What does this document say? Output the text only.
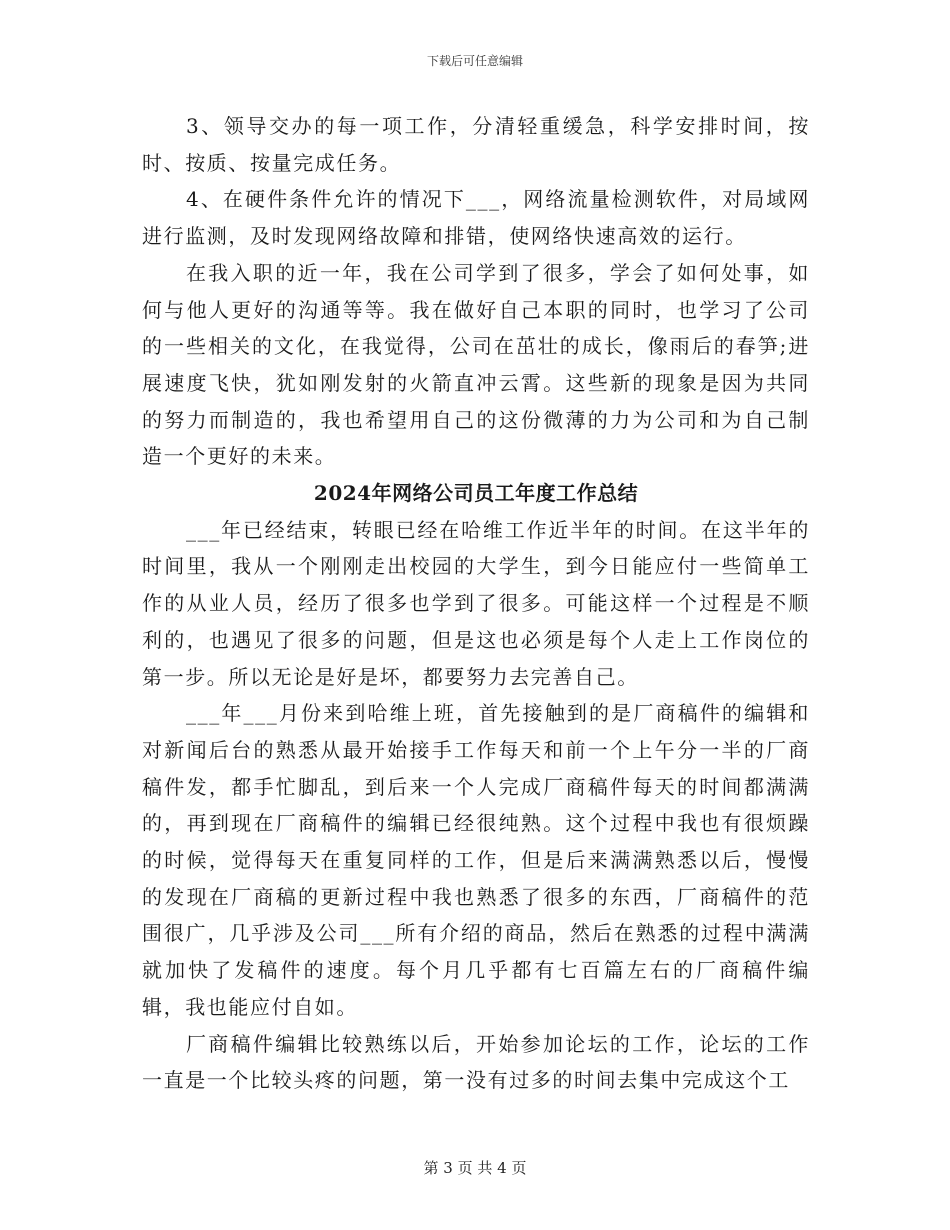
下载后可任意编辑

3、领导交办的每一项工作，分清轻重缓急，科学安排时间，按时、按质、按量完成任务。

4、在硬件条件允许的情况下___，网络流量检测软件，对局域网进行监测，及时发现网络故障和排错，使网络快速高效的运行。

在我入职的近一年，我在公司学到了很多，学会了如何处事，如何与他人更好的沟通等等。我在做好自己本职的同时，也学习了公司的一些相关的文化，在我觉得，公司在茁壮的成长，像雨后的春笋;进展速度飞快，犹如刚发射的火箭直冲云霄。这些新的现象是因为共同的努力而制造的，我也希望用自己的这份微薄的力为公司和为自己制造一个更好的未来。

2024年网络公司员工年度工作总结

___年已经结束，转眼已经在哈维工作近半年的时间。在这半年的时间里，我从一个刚刚走出校园的大学生，到今日能应付一些简单工作的从业人员，经历了很多也学到了很多。可能这样一个过程是不顺利的，也遇见了很多的问题，但是这也必须是每个人走上工作岗位的第一步。所以无论是好是坏，都要努力去完善自己。

___年___月份来到哈维上班，首先接触到的是厂商稿件的编辑和对新闻后台的熟悉从最开始接手工作每天和前一个上午分一半的厂商稿件发，都手忙脚乱，到后来一个人完成厂商稿件每天的时间都满满的，再到现在厂商稿件的编辑已经很纯熟。这个过程中我也有很烦躁的时候，觉得每天在重复同样的工作，但是后来满满熟悉以后，慢慢的发现在厂商稿的更新过程中我也熟悉了很多的东西，厂商稿件的范围很广，几乎涉及公司___所有介绍的商品，然后在熟悉的过程中满满就加快了发稿件的速度。每个月几乎都有七百篇左右的厂商稿件编辑，我也能应付自如。

厂商稿件编辑比较熟练以后，开始参加论坛的工作，论坛的工作一直是一个比较头疼的问题，第一没有过多的时间去集中完成这个工

第 3 页 共 4 页
